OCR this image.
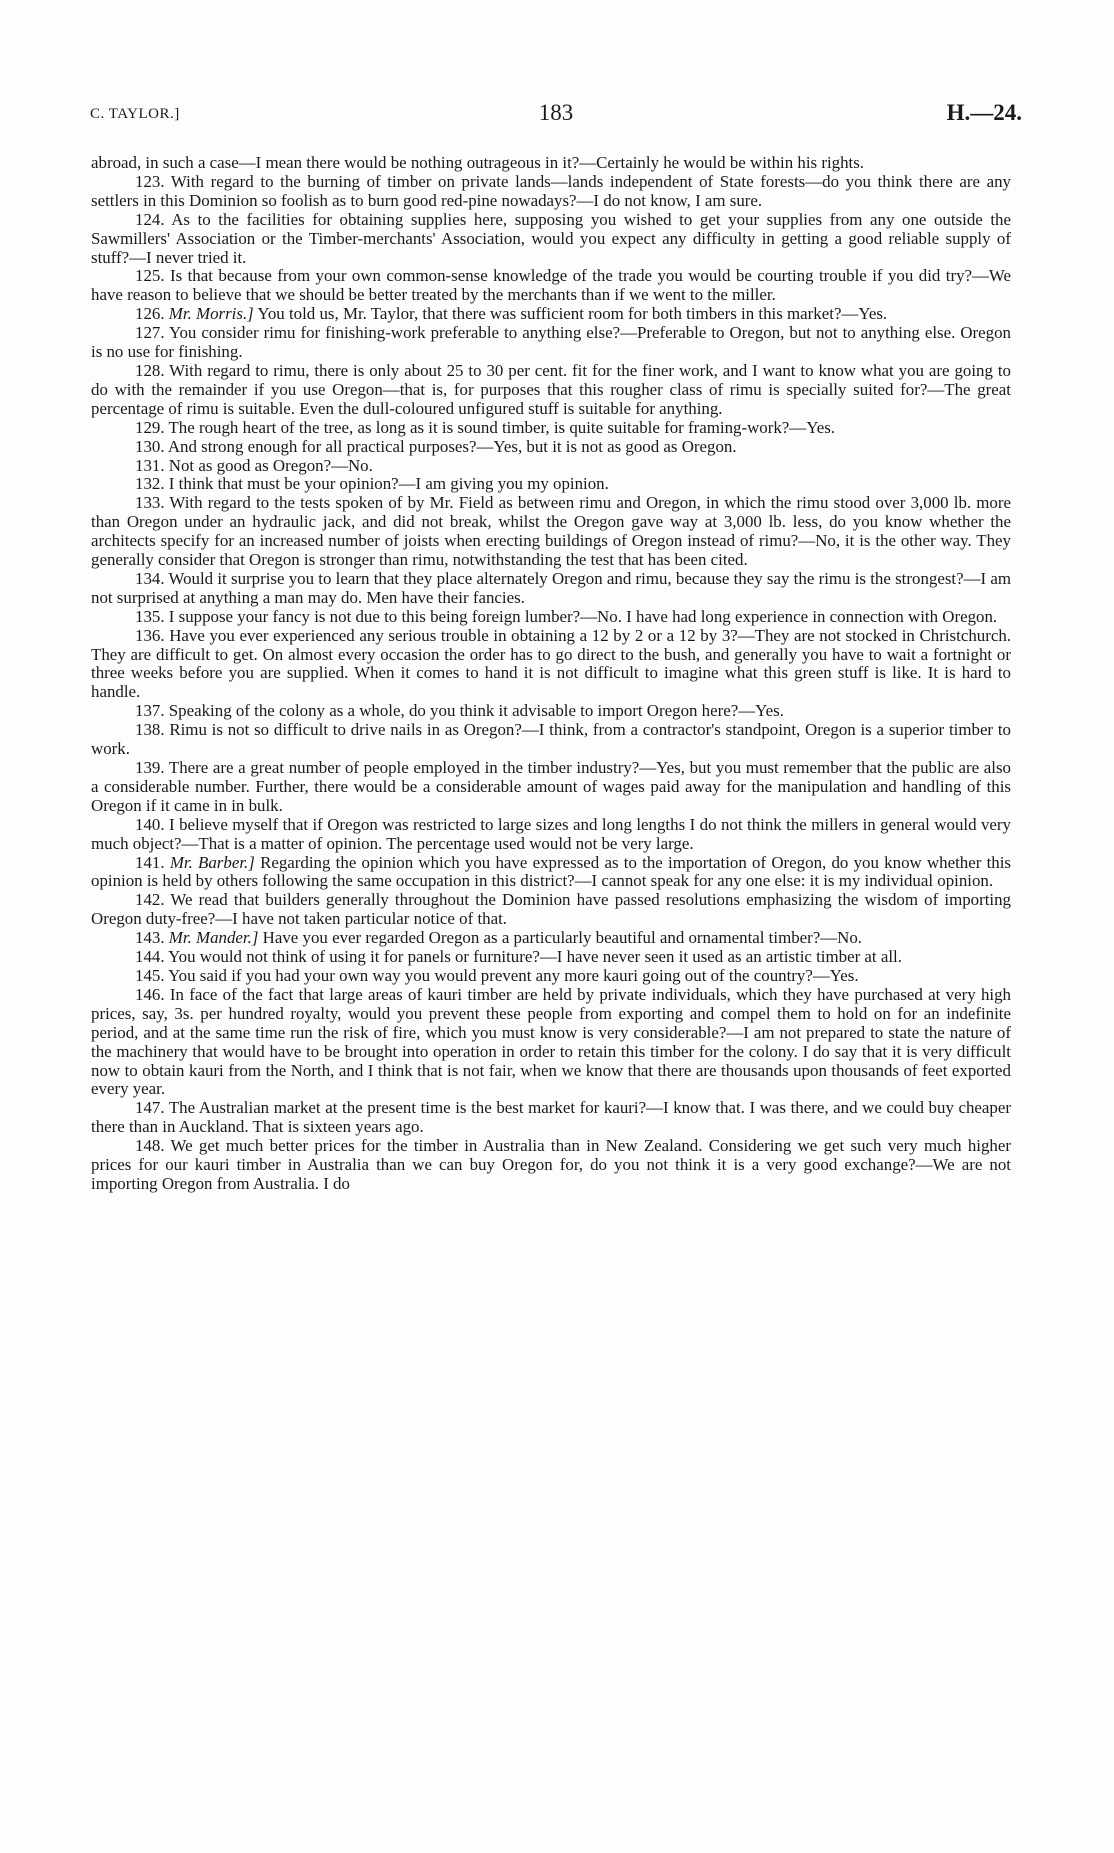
C. TAYLOR.]	183	H.—24.

abroad, in such a case—I mean there would be nothing outrageous in it?—Certainly he would be within his rights.

123. With regard to the burning of timber on private lands—lands independent of State forests—do you think there are any settlers in this Dominion so foolish as to burn good red-pine nowadays?—I do not know, I am sure.

124. As to the facilities for obtaining supplies here, supposing you wished to get your supplies from any one outside the Sawmillers' Association or the Timber-merchants' Association, would you expect any difficulty in getting a good reliable supply of stuff?—I never tried it.

125. Is that because from your own common-sense knowledge of the trade you would be courting trouble if you did try?—We have reason to believe that we should be better treated by the merchants than if we went to the miller.

126. Mr. Morris.] You told us, Mr. Taylor, that there was sufficient room for both timbers in this market?—Yes.

127. You consider rimu for finishing-work preferable to anything else?—Preferable to Oregon, but not to anything else. Oregon is no use for finishing.

128. With regard to rimu, there is only about 25 to 30 per cent. fit for the finer work, and I want to know what you are going to do with the remainder if you use Oregon—that is, for purposes that this rougher class of rimu is specially suited for?—The great percentage of rimu is suitable. Even the dull-coloured unfigured stuff is suitable for anything.

129. The rough heart of the tree, as long as it is sound timber, is quite suitable for framing-work?—Yes.

130. And strong enough for all practical purposes?—Yes, but it is not as good as Oregon.

131. Not as good as Oregon?—No.

132. I think that must be your opinion?—I am giving you my opinion.

133. With regard to the tests spoken of by Mr. Field as between rimu and Oregon, in which the rimu stood over 3,000 lb. more than Oregon under an hydraulic jack, and did not break, whilst the Oregon gave way at 3,000 lb. less, do you know whether the architects specify for an increased number of joists when erecting buildings of Oregon instead of rimu?—No, it is the other way. They generally consider that Oregon is stronger than rimu, notwithstanding the test that has been cited.

134. Would it surprise you to learn that they place alternately Oregon and rimu, because they say the rimu is the strongest?—I am not surprised at anything a man may do. Men have their fancies.

135. I suppose your fancy is not due to this being foreign lumber?—No. I have had long experience in connection with Oregon.

136. Have you ever experienced any serious trouble in obtaining a 12 by 2 or a 12 by 3?—They are not stocked in Christchurch. They are difficult to get. On almost every occasion the order has to go direct to the bush, and generally you have to wait a fortnight or three weeks before you are supplied. When it comes to hand it is not difficult to imagine what this green stuff is like. It is hard to handle.

137. Speaking of the colony as a whole, do you think it advisable to import Oregon here?—Yes.

138. Rimu is not so difficult to drive nails in as Oregon?—I think, from a contractor's standpoint, Oregon is a superior timber to work.

139. There are a great number of people employed in the timber industry?—Yes, but you must remember that the public are also a considerable number. Further, there would be a considerable amount of wages paid away for the manipulation and handling of this Oregon if it came in in bulk.

140. I believe myself that if Oregon was restricted to large sizes and long lengths I do not think the millers in general would very much object?—That is a matter of opinion. The percentage used would not be very large.

141. Mr. Barber.] Regarding the opinion which you have expressed as to the importation of Oregon, do you know whether this opinion is held by others following the same occupation in this district?—I cannot speak for any one else: it is my individual opinion.

142. We read that builders generally throughout the Dominion have passed resolutions emphasizing the wisdom of importing Oregon duty-free?—I have not taken particular notice of that.

143. Mr. Mander.] Have you ever regarded Oregon as a particularly beautiful and ornamental timber?—No.

144. You would not think of using it for panels or furniture?—I have never seen it used as an artistic timber at all.

145. You said if you had your own way you would prevent any more kauri going out of the country?—Yes.

146. In face of the fact that large areas of kauri timber are held by private individuals, which they have purchased at very high prices, say, 3s. per hundred royalty, would you prevent these people from exporting and compel them to hold on for an indefinite period, and at the same time run the risk of fire, which you must know is very considerable?—I am not prepared to state the nature of the machinery that would have to be brought into operation in order to retain this timber for the colony. I do say that it is very difficult now to obtain kauri from the North, and I think that is not fair, when we know that there are thousands upon thousands of feet exported every year.

147. The Australian market at the present time is the best market for kauri?—I know that. I was there, and we could buy cheaper there than in Auckland. That is sixteen years ago.

148. We get much better prices for the timber in Australia than in New Zealand. Considering we get such very much higher prices for our kauri timber in Australia than we can buy Oregon for, do you not think it is a very good exchange?—We are not importing Oregon from Australia. I do
